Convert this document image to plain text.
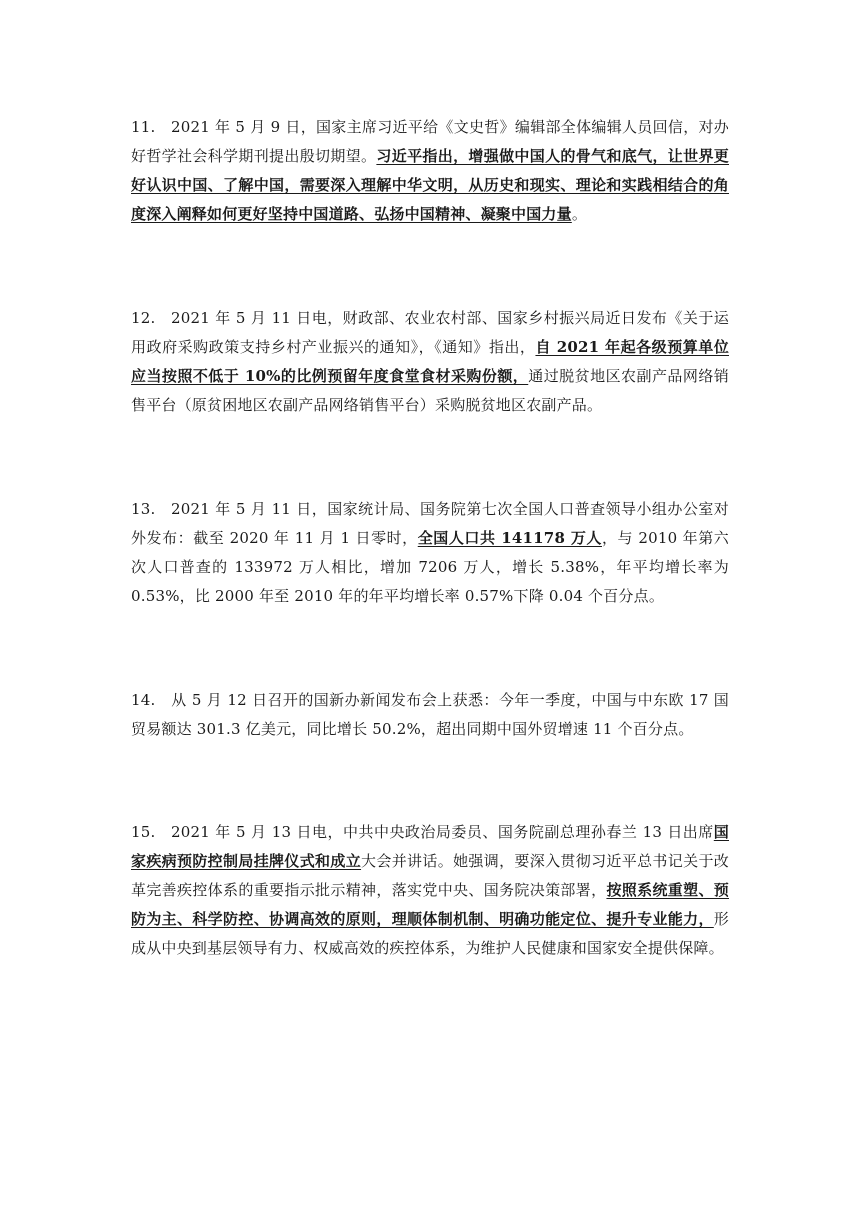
11. 2021 年 5 月 9 日，国家主席习近平给《文史哲》编辑部全体编辑人员回信，对办好哲学社会科学期刊提出殷切期望。习近平指出，增强做中国人的骨气和底气，让世界更好认识中国、了解中国，需要深入理解中华文明，从历史和现实、理论和实践相结合的角度深入阐释如何更好坚持中国道路、弘扬中国精神、凝聚中国力量。

12. 2021 年 5 月 11 日电，财政部、农业农村部、国家乡村振兴局近日发布《关于运用政府采购政策支持乡村产业振兴的通知》，《通知》指出，自 2021 年起各级预算单位应当按照不低于 10%的比例预留年度食堂食材采购份额，通过脱贫地区农副产品网络销售平台（原贫困地区农副产品网络销售平台）采购脱贫地区农副产品。

13. 2021 年 5 月 11 日，国家统计局、国务院第七次全国人口普查领导小组办公室对外发布：截至 2020 年 11 月 1 日零时，全国人口共 141178 万人，与 2010 年第六次人口普查的 133972 万人相比，增加 7206 万人，增长 5.38%，年平均增长率为 0.53%，比 2000 年至 2010 年的年平均增长率 0.57%下降 0.04 个百分点。

14. 从 5 月 12 日召开的国新办新闻发布会上获悉：今年一季度，中国与中东欧 17 国贸易额达 301.3 亿美元，同比增长 50.2%，超出同期中国外贸增速 11 个百分点。

15. 2021 年 5 月 13 日电，中共中央政治局委员、国务院副总理孙春兰 13 日出席国家疾病预防控制局挂牌仪式和成立大会并讲话。她强调，要深入贯彻习近平总书记关于改革完善疾控体系的重要指示批示精神，落实党中央、国务院决策部署，按照系统重塑、预防为主、科学防控、协调高效的原则，理顺体制机制、明确功能定位、提升专业能力，形成从中央到基层领导有力、权威高效的疾控体系，为维护人民健康和国家安全提供保障。
